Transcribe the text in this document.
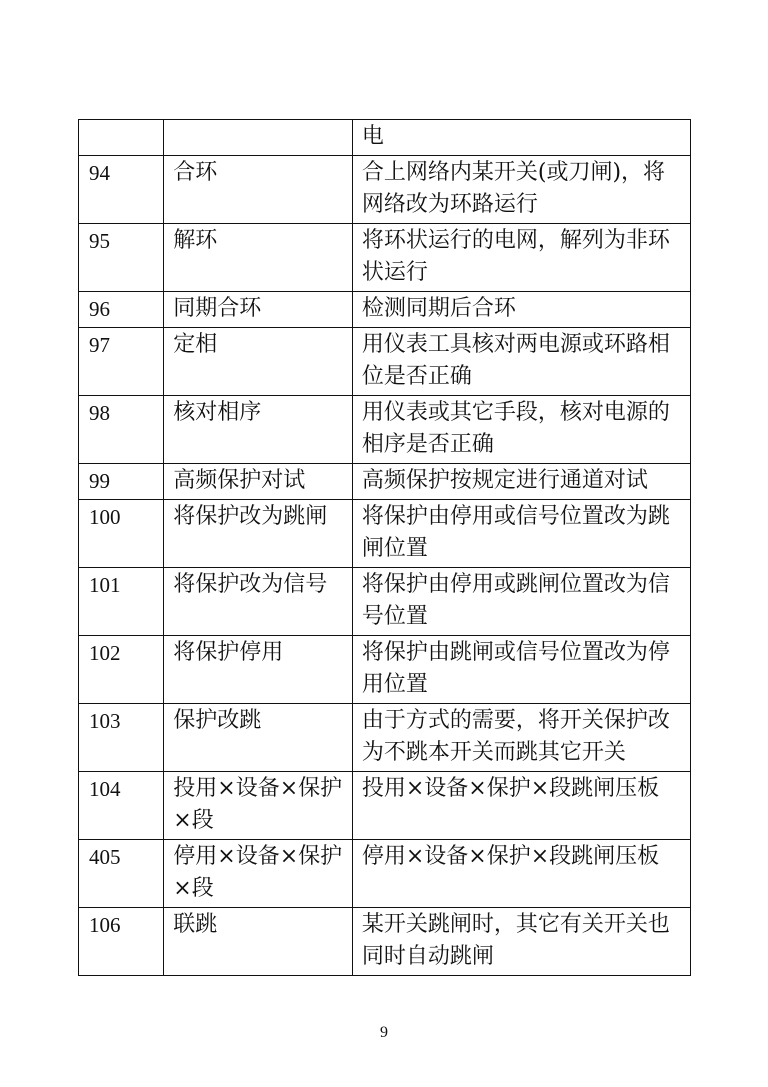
		电
94	合环	合上网络内某开关(或刀闸)，将网络改为环路运行
95	解环	将环状运行的电网，解列为非环状运行
96	同期合环	检测同期后合环
97	定相	用仪表工具核对两电源或环路相位是否正确
98	核对相序	用仪表或其它手段，核对电源的相序是否正确
99	高频保护对试	高频保护按规定进行通道对试
100	将保护改为跳闸	将保护由停用或信号位置改为跳闸位置
101	将保护改为信号	将保护由停用或跳闸位置改为信号位置
102	将保护停用	将保护由跳闸或信号位置改为停用位置
103	保护改跳	由于方式的需要，将开关保护改为不跳本开关而跳其它开关
104	投用×设备×保护×段	投用×设备×保护×段跳闸压板
405	停用×设备×保护×段	停用×设备×保护×段跳闸压板
106	联跳	某开关跳闸时，其它有关开关也同时自动跳闸
9
